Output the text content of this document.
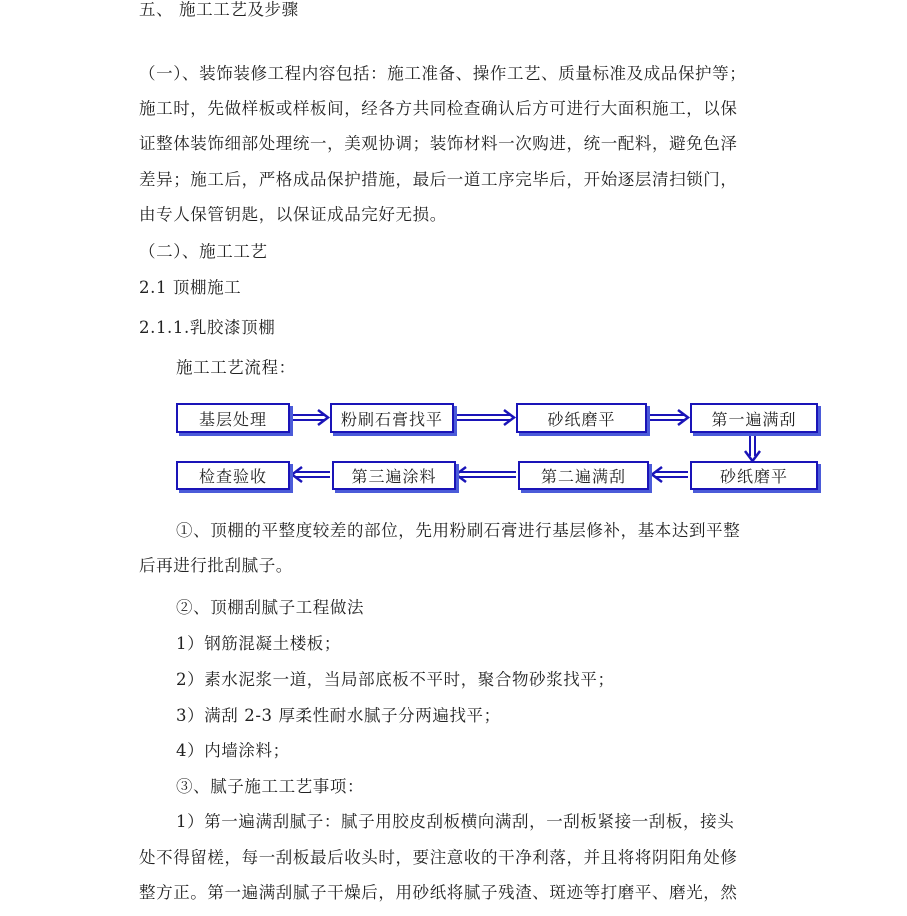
五、 施工工艺及步骤
（一）、装饰装修工程内容包括：施工准备、操作工艺、质量标准及成品保护等；
施工时，先做样板或样板间，经各方共同检查确认后方可进行大面积施工，以保
证整体装饰细部处理统一，美观协调；装饰材料一次购进，统一配料，避免色泽
差异；施工后，严格成品保护措施，最后一道工序完毕后，开始逐层清扫锁门，
由专人保管钥匙，以保证成品完好无损。
（二）、施工工艺
2.1 顶棚施工
2.1.1.乳胶漆顶棚
施工工艺流程：
基层处理	粉刷石膏找平	砂纸磨平	第一遍满刮
检查验收	第三遍涂料	第二遍满刮	砂纸磨平
①、顶棚的平整度较差的部位，先用粉刷石膏进行基层修补，基本达到平整
后再进行批刮腻子。
②、顶棚刮腻子工程做法
1）钢筋混凝土楼板；
2）素水泥浆一道，当局部底板不平时，聚合物砂浆找平；
3）满刮 2-3 厚柔性耐水腻子分两遍找平；
4）内墙涂料；
③、腻子施工工艺事项：
1）第一遍满刮腻子：腻子用胶皮刮板横向满刮，一刮板紧接一刮板，接头
处不得留槎，每一刮板最后收头时，要注意收的干净利落，并且将将阴阳角处修
整方正。第一遍满刮腻子干燥后，用砂纸将腻子残渣、斑迹等打磨平、磨光，然
